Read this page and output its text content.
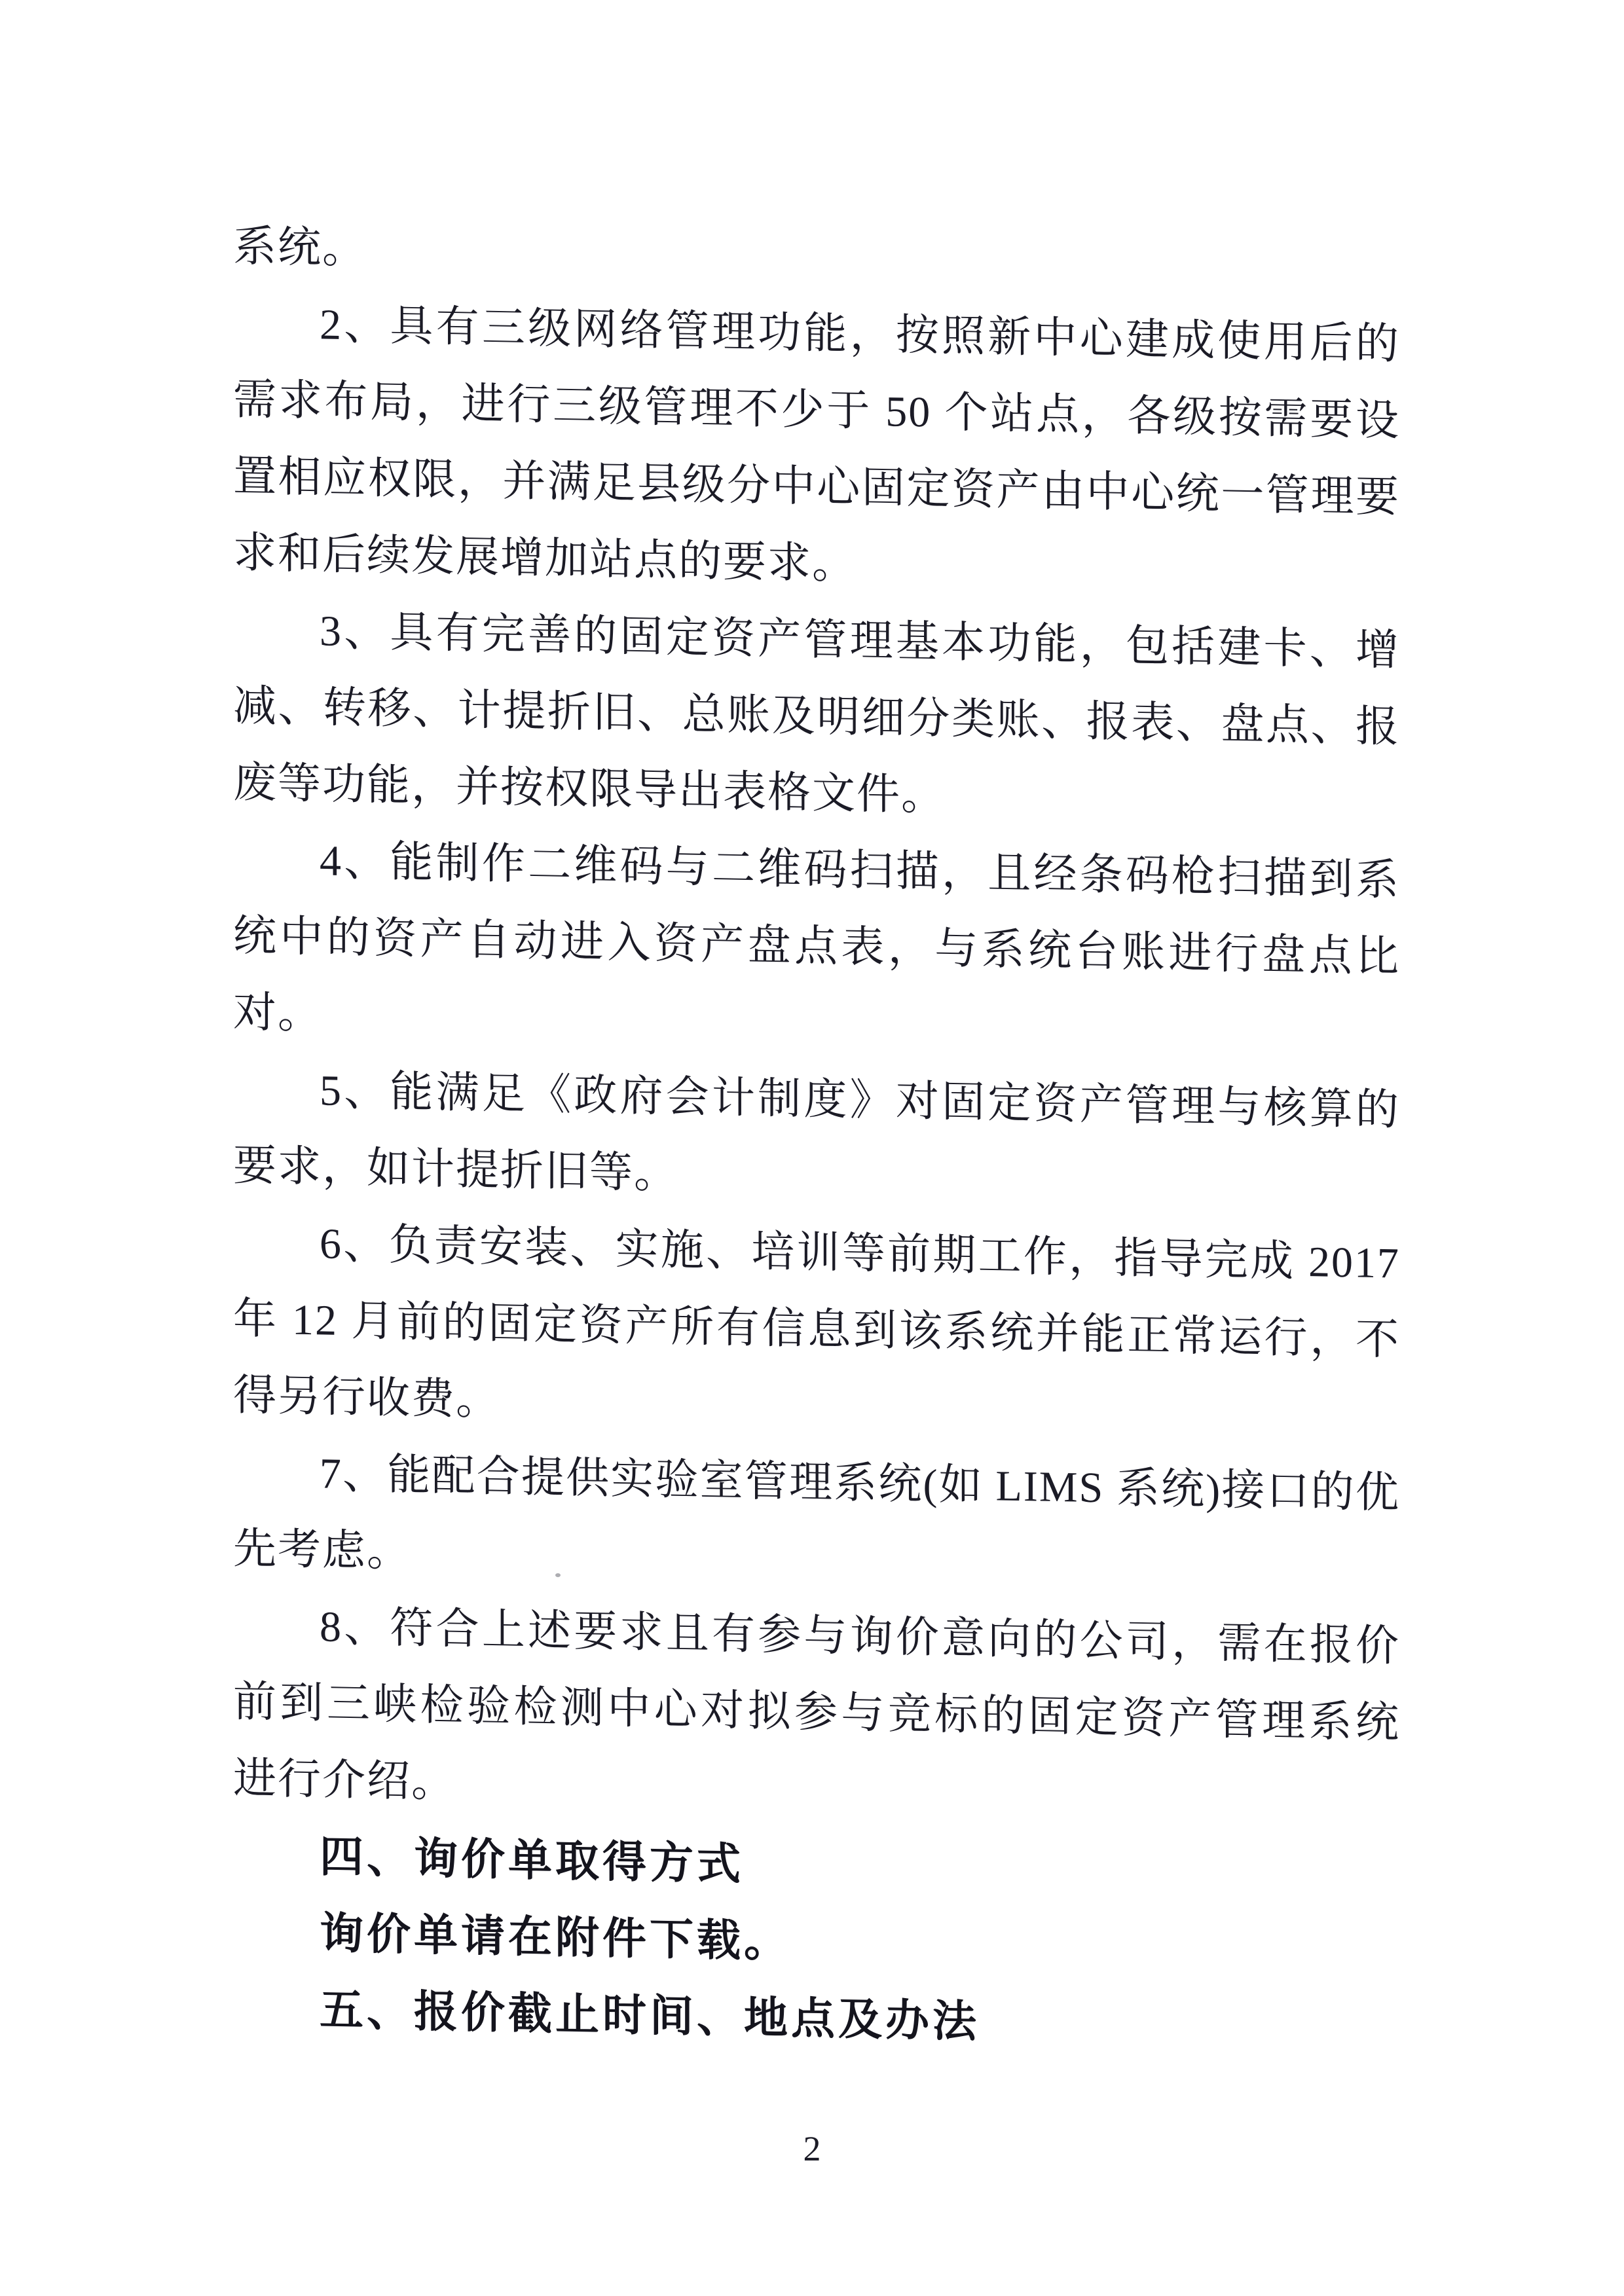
系统。
2、具有三级网络管理功能，按照新中心建成使用后的
需求布局，进行三级管理不少于 50 个站点，各级按需要设
置相应权限，并满足县级分中心固定资产由中心统一管理要
求和后续发展增加站点的要求。
3、具有完善的固定资产管理基本功能，包括建卡、增
减、转移、计提折旧、总账及明细分类账、报表、盘点、报
废等功能，并按权限导出表格文件。
4、能制作二维码与二维码扫描，且经条码枪扫描到系
统中的资产自动进入资产盘点表，与系统台账进行盘点比
对。
5、能满足《政府会计制度》对固定资产管理与核算的
要求，如计提折旧等。
6、负责安装、实施、培训等前期工作，指导完成 2017
年 12 月前的固定资产所有信息到该系统并能正常运行，不
得另行收费。
7、能配合提供实验室管理系统(如 LIMS 系统)接口的优
先考虑。
8、符合上述要求且有参与询价意向的公司，需在报价
前到三峡检验检测中心对拟参与竞标的固定资产管理系统
进行介绍。
四、询价单取得方式
询价单请在附件下载。
五、报价截止时间、地点及办法
2
